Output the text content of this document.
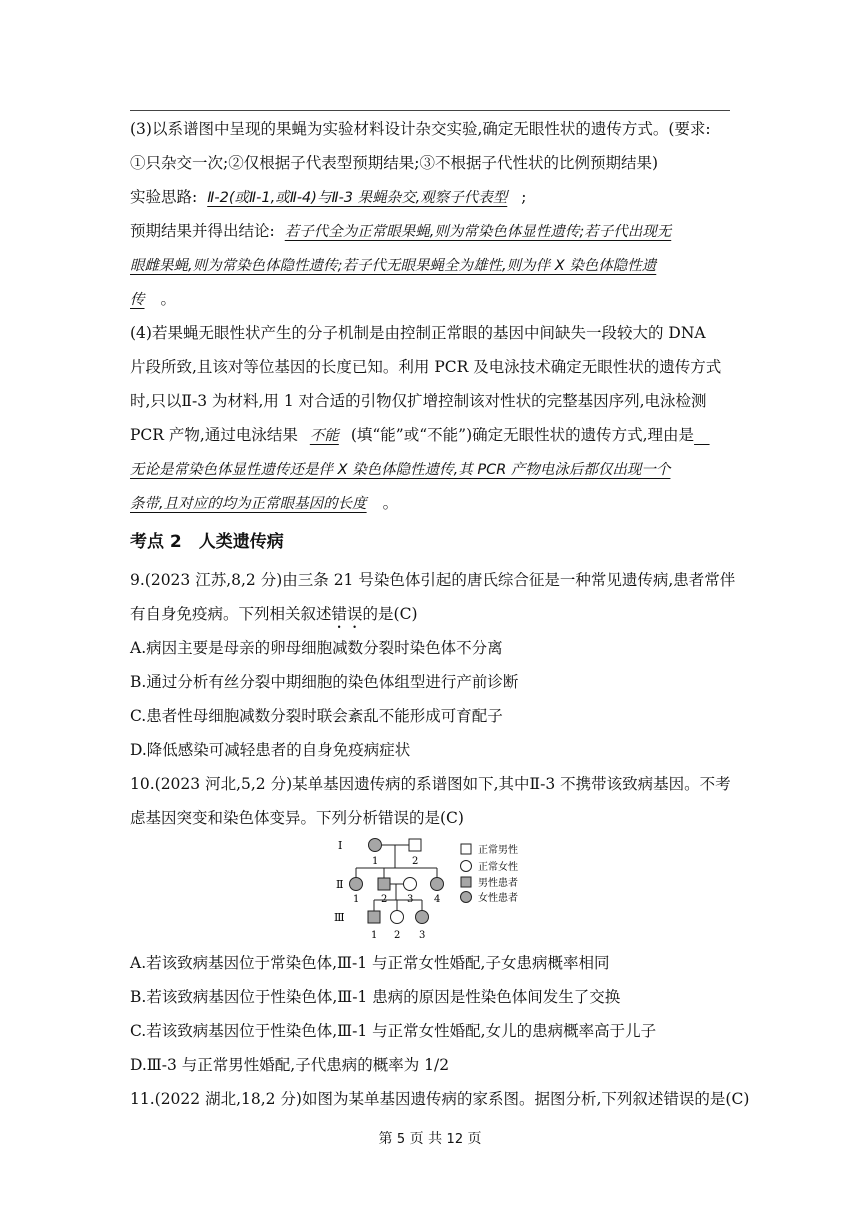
(3)以系谱图中呈现的果蝇为实验材料设计杂交实验,确定无眼性状的遗传方式。(要求:
①只杂交一次;②仅根据子代表型预期结果;③不根据子代性状的比例预期结果)
实验思路: Ⅱ-2(或Ⅱ-1,或Ⅱ-4)与Ⅱ-3 果蝇杂交,观察子代表型 ;
预期结果并得出结论: 若子代全为正常眼果蝇,则为常染色体显性遗传;若子代出现无
眼雌果蝇,则为常染色体隐性遗传;若子代无眼果蝇全为雄性,则为伴 X 染色体隐性遗
传 。
(4)若果蝇无眼性状产生的分子机制是由控制正常眼的基因中间缺失一段较大的 DNA
片段所致,且该对等位基因的长度已知。利用 PCR 及电泳技术确定无眼性状的遗传方式
时,只以Ⅱ-3 为材料,用 1 对合适的引物仅扩增控制该对性状的完整基因序列,电泳检测
PCR 产物,通过电泳结果 不能 (填“能”或“不能”)确定无眼性状的遗传方式,理由是 
无论是常染色体显性遗传还是伴 X 染色体隐性遗传,其 PCR 产物电泳后都仅出现一个
条带,且对应的均为正常眼基因的长度 。
考点 2　人类遗传病
9.(2023 江苏,8,2 分)由三条 21 号染色体引起的唐氏综合征是一种常见遗传病,患者常伴
有自身免疫病。下列相关叙述错误的是(C)
A.病因主要是母亲的卵母细胞减数分裂时染色体不分离
B.通过分析有丝分裂中期细胞的染色体组型进行产前诊断
C.患者性母细胞减数分裂时联会紊乱不能形成可育配子
D.降低感染可减轻患者的自身免疫病症状
10.(2023 河北,5,2 分)某单基因遗传病的系谱图如下,其中Ⅱ-3 不携带该致病基因。不考
虑基因突变和染色体变异。下列分析错误的是(C)
Ⅰ
Ⅱ
Ⅲ
1	2
1 2 3 4
1 2 3
正常男性
正常女性
男性患者
女性患者
A.若该致病基因位于常染色体,Ⅲ-1 与正常女性婚配,子女患病概率相同
B.若该致病基因位于性染色体,Ⅲ-1 患病的原因是性染色体间发生了交换
C.若该致病基因位于性染色体,Ⅲ-1 与正常女性婚配,女儿的患病概率高于儿子
D.Ⅲ-3 与正常男性婚配,子代患病的概率为 1/2
11.(2022 湖北,18,2 分)如图为某单基因遗传病的家系图。据图分析,下列叙述错误的是(C)
第 5 页 共 12 页
